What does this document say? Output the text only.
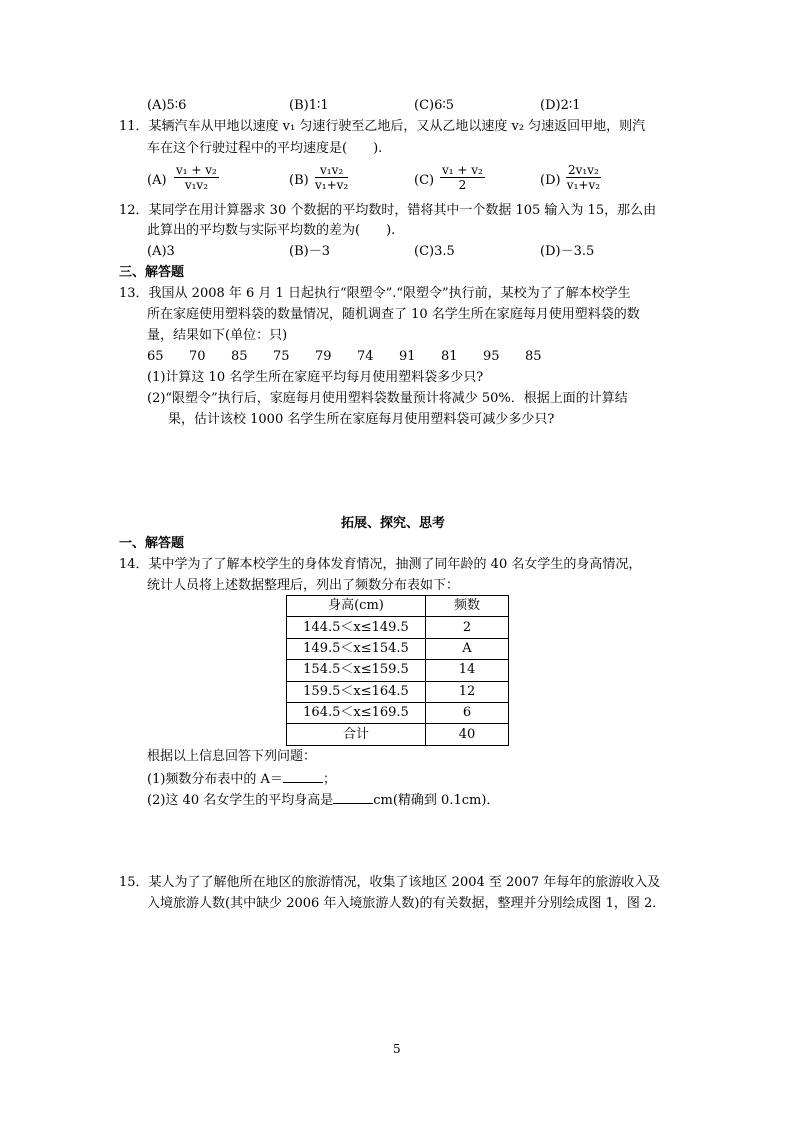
(A)5∶6	(B)1∶1	(C)6∶5	(D)2∶1
11．某辆汽车从甲地以速度 v₁ 匀速行驶至乙地后，又从乙地以速度 v₂ 匀速返回甲地，则汽
车在这个行驶过程中的平均速度是(　　).
$(A) \frac{\text{v₁ + v₂}}{\text{v₁v₂}}$	$(B) \frac{\text{v₁v₂}}{\text{v₁+v₂}}$	$(C) \frac{\text{v₁ + v₂}}{2}$	$(D) \frac{\text{2v₁v₂}}{\text{v₁+v₂}}$
12．某同学在用计算器求 30 个数据的平均数时，错将其中一个数据 105 输入为 15，那么由
此算出的平均数与实际平均数的差为(　　).
(A)3	(B)－3	(C)3.5	(D)－3.5
三、解答题
13．我国从 2008 年 6 月 1 日起执行“限塑令”.“限塑令”执行前，某校为了了解本校学生
所在家庭使用塑料袋的数量情况，随机调查了 10 名学生所在家庭每月使用塑料袋的数
量，结果如下(单位：只)
65 70 85 75 79 74 91 81 95 85
(1)计算这 10 名学生所在家庭平均每月使用塑料袋多少只?
(2)“限塑令”执行后，家庭每月使用塑料袋数量预计将减少 50%．根据上面的计算结
果，估计该校 1000 名学生所在家庭每月使用塑料袋可减少多少只?
拓展、探究、思考
一、解答题
14．某中学为了了解本校学生的身体发育情况，抽测了同年龄的 40 名女学生的身高情况，
统计人员将上述数据整理后，列出了频数分布表如下：
身高(cm)	频数
144.5＜x≤149.5	2
149.5＜x≤154.5	A
154.5＜x≤159.5	14
159.5＜x≤164.5	12
164.5＜x≤169.5	6
合计	40
根据以上信息回答下列问题：
(1)频数分布表中的 A＝	；
(2)这 40 名女学生的平均身高是	cm(精确到 0.1cm)．
15．某人为了了解他所在地区的旅游情况，收集了该地区 2004 至 2007 年每年的旅游收入及
入境旅游人数(其中缺少 2006 年入境旅游人数)的有关数据，整理并分别绘成图 1，图 2．
5
